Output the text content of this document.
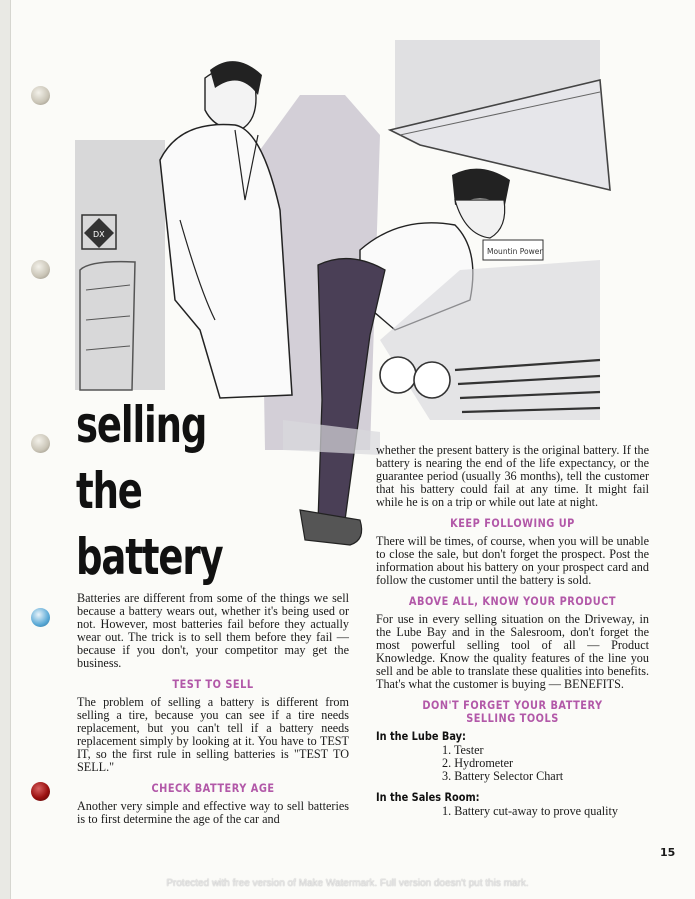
DX
Mountin Power
selling
the
battery

Batteries are different from some of the things we sell because a battery wears out, whether it's being used or not. However, most batteries fail before they actually wear out. The trick is to sell them before they fail — because if you don't, your competitor may get the business.

TEST TO SELL

The problem of selling a battery is different from selling a tire, because you can see if a tire needs replacement, but you can't tell if a battery needs replacement simply by looking at it. You have to TEST IT, so the first rule in selling batteries is "TEST TO SELL."

CHECK BATTERY AGE

Another very simple and effective way to sell batteries is to first determine the age of the car and

whether the present battery is the original battery. If the battery is nearing the end of the life expectancy, or the guarantee period (usually 36 months), tell the customer that his battery could fail at any time. It might fail while he is on a trip or while out late at night.

KEEP FOLLOWING UP

There will be times, of course, when you will be unable to close the sale, but don't forget the prospect. Post the information about his battery on your prospect card and follow the customer until the battery is sold.

ABOVE ALL, KNOW YOUR PRODUCT

For use in every selling situation on the Driveway, in the Lube Bay and in the Salesroom, don't forget the most powerful selling tool of all — Product Knowledge. Know the quality features of the line you sell and be able to translate these qualities into benefits. That's what the customer is buying — BENEFITS.

DON'T FORGET YOUR BATTERY SELLING TOOLS
In the Lube Bay:
1. Tester
2. Hydrometer
3. Battery Selector Chart
In the Sales Room:
1. Battery cut-away to prove quality
15
Protected with free version of Make Watermark. Full version doesn't put this mark.
